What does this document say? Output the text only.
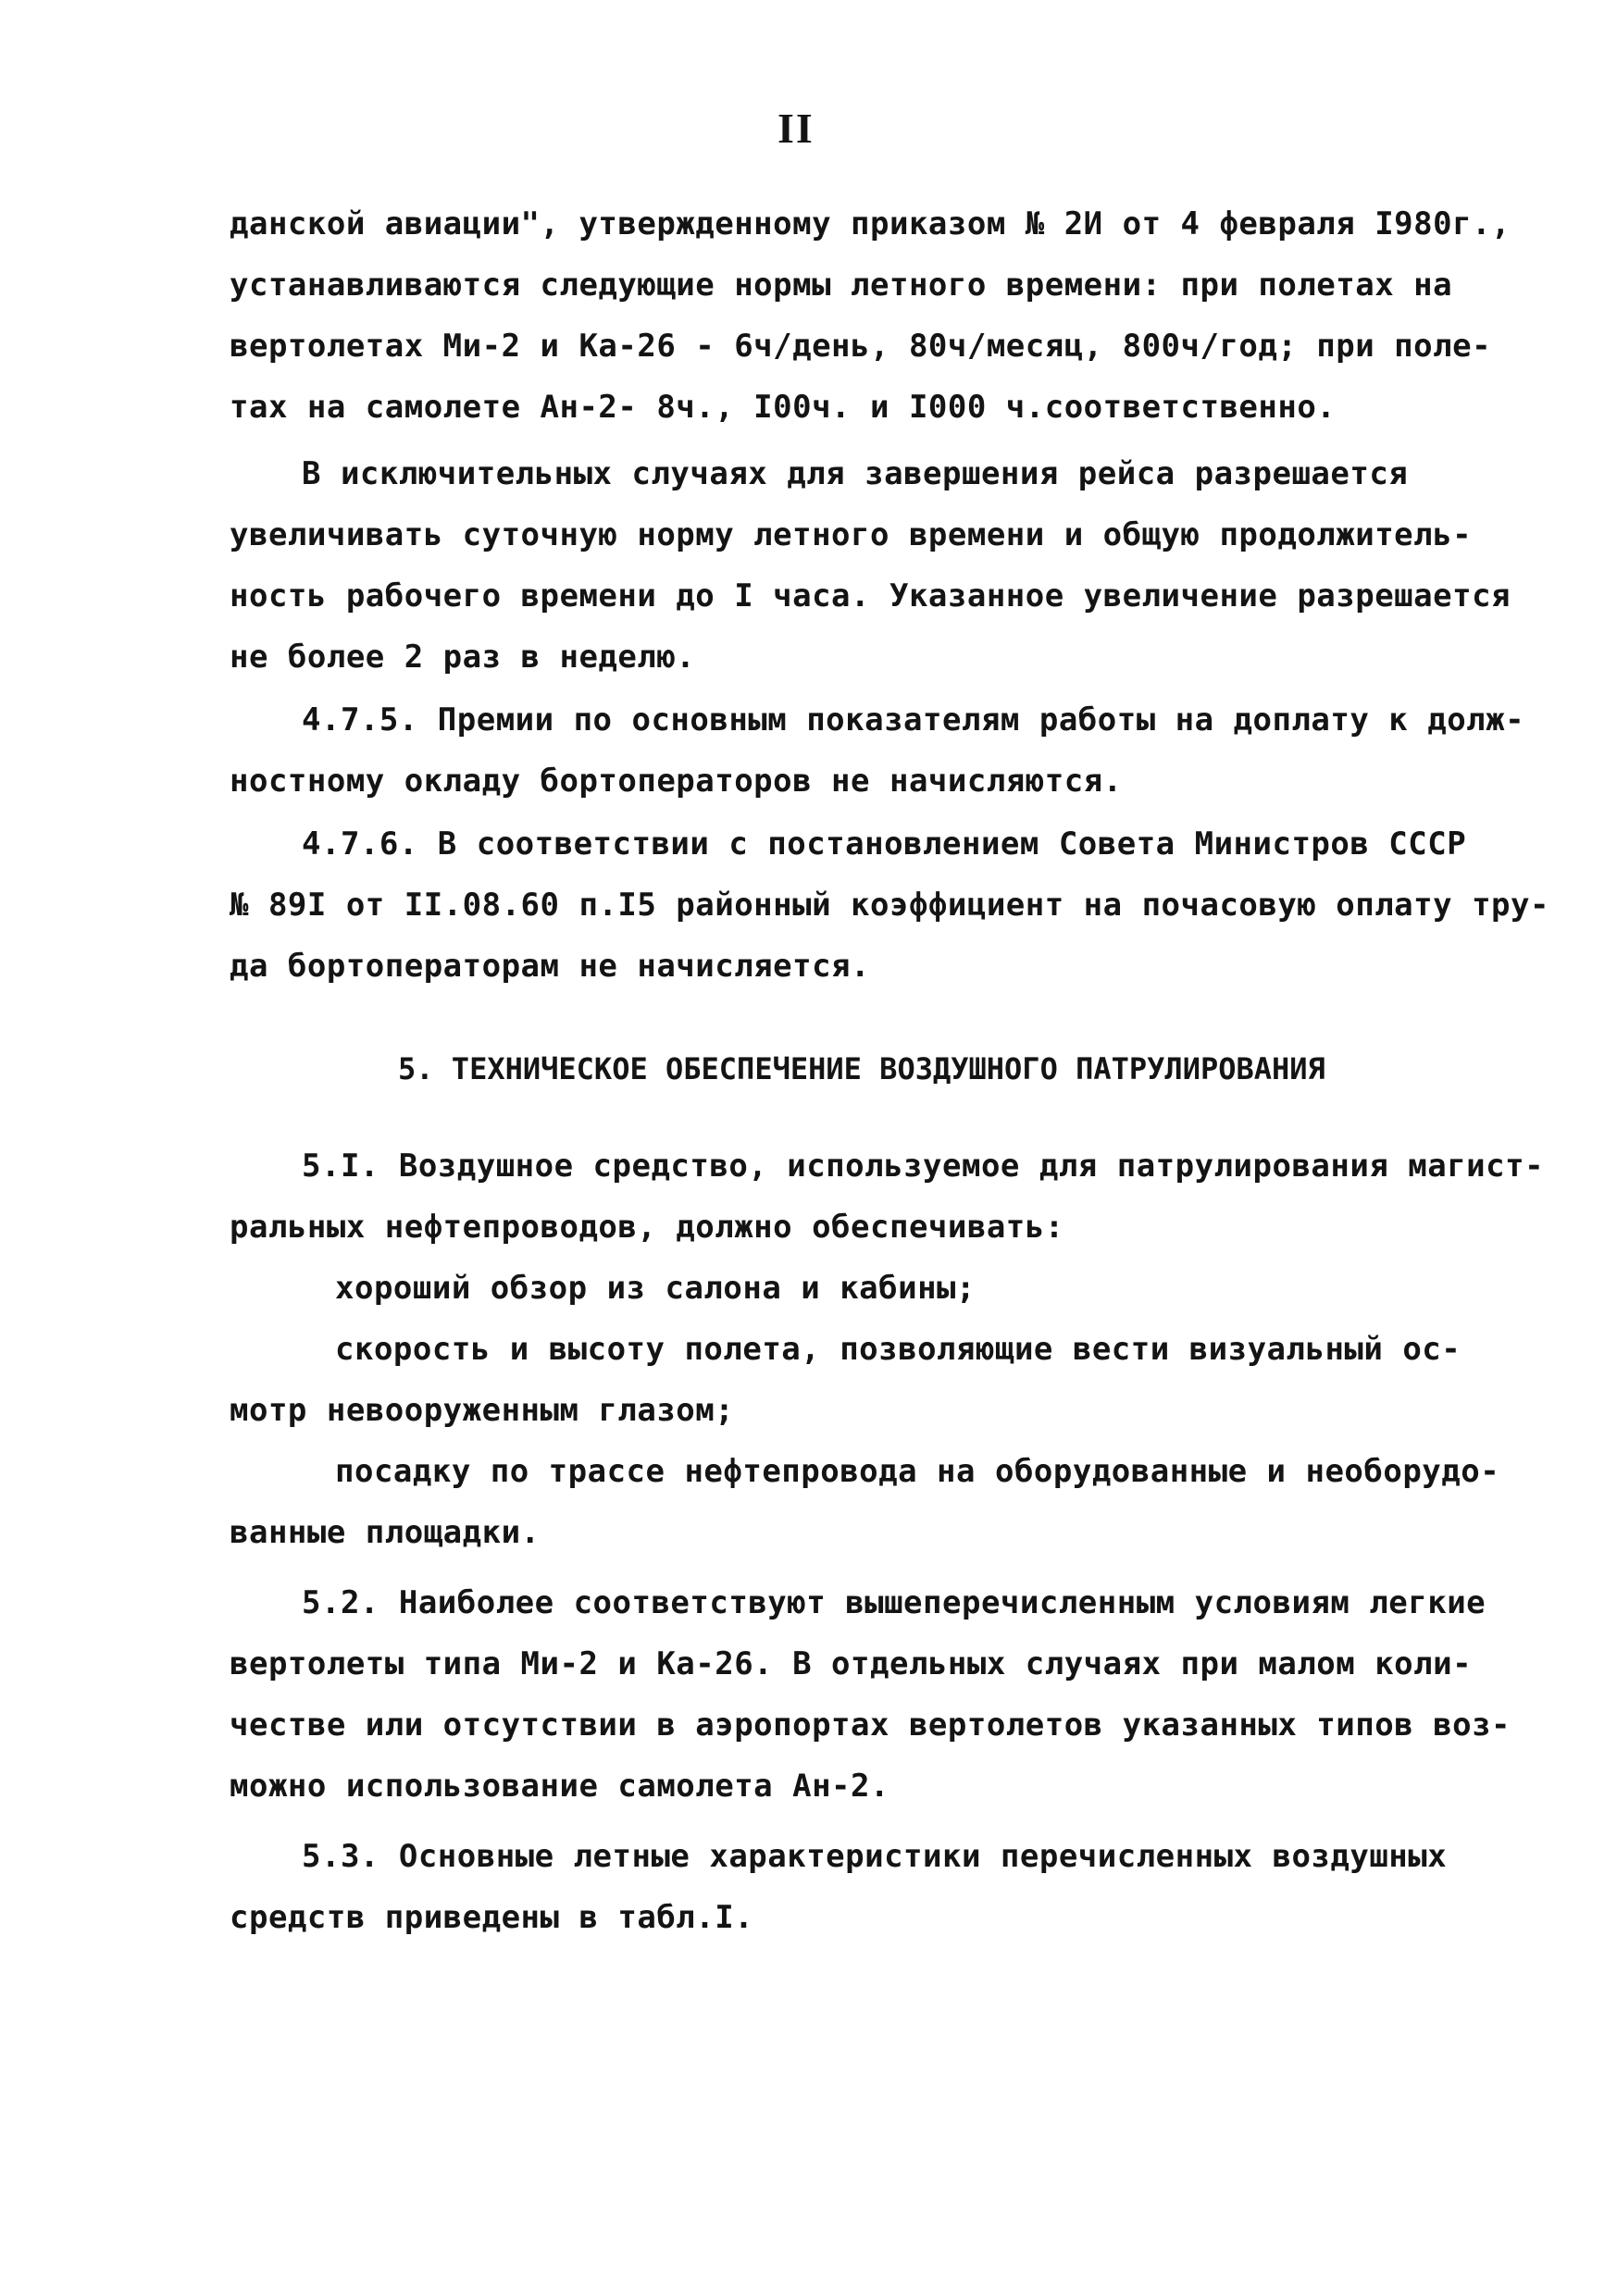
II
данской авиации", утвержденному приказом № 2И от 4 февраля I980г.,
устанавливаются следующие нормы летного времени: при полетах на
вертолетах Ми-2 и Ка-26 - 6ч/день, 80ч/месяц, 800ч/год; при поле-
тах на самолете Ан-2- 8ч., I00ч. и I000 ч.соответственно.
В исключительных случаях для завершения рейса разрешается
увеличивать суточную норму летного времени и общую продолжитель-
ность рабочего времени до I часа. Указанное увеличение разрешается
не более 2 раз в неделю.
4.7.5. Премии по основным показателям работы на доплату к долж-
ностному окладу бортоператоров не начисляются.
4.7.6. В соответствии с постановлением Совета Министров СССР
№ 89I от II.08.60 п.I5 районный коэффициент на почасовую оплату тру-
да бортоператорам не начисляется.
5. ТЕХНИЧЕСКОЕ ОБЕСПЕЧЕНИЕ ВОЗДУШНОГО ПАТРУЛИРОВАНИЯ
5.I. Воздушное средство, используемое для патрулирования магист-
ральных нефтепроводов, должно обеспечивать:
хороший обзор из салона и кабины;
скорость и высоту полета, позволяющие вести визуальный ос-
мотр невооруженным глазом;
посадку по трассе нефтепровода на оборудованные и необорудо-
ванные площадки.
5.2. Наиболее соответствуют вышеперечисленным условиям легкие
вертолеты типа Ми-2 и Ка-26. В отдельных случаях при малом коли-
честве или отсутствии в аэропортах вертолетов указанных типов воз-
можно использование самолета Ан-2.
5.3. Основные летные характеристики перечисленных воздушных
средств приведены в табл.I.
